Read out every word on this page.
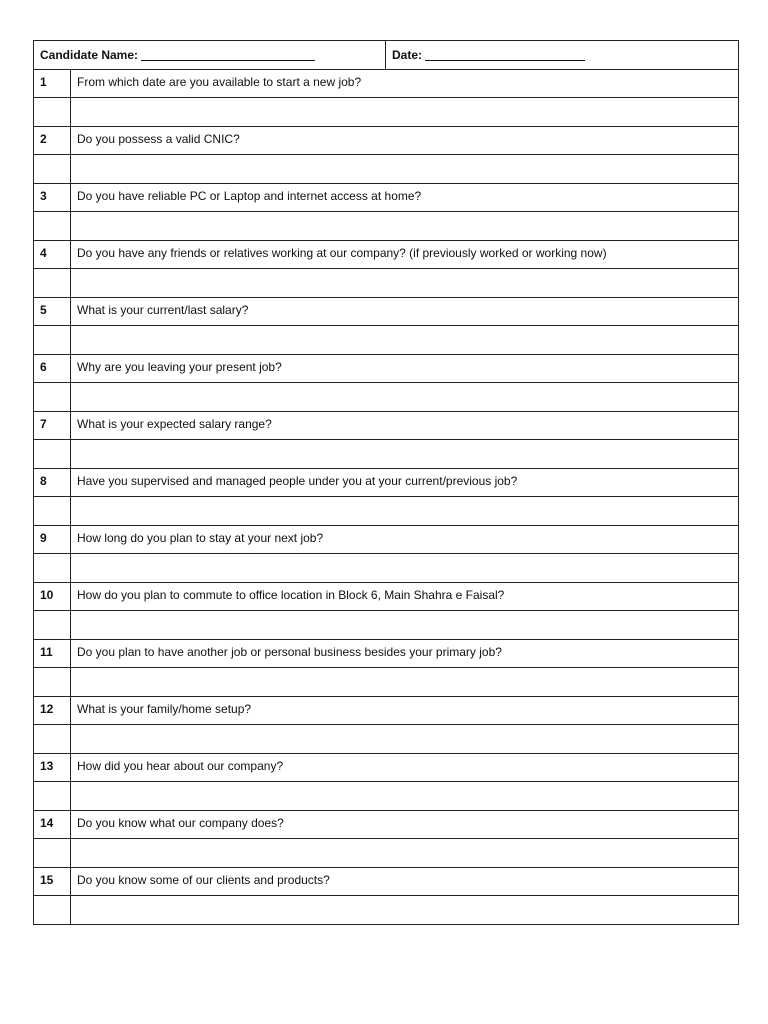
Candidate Name:		Date:
1	From which date are you available to start a new job?	

2	Do you possess a valid CNIC?	

3	Do you have reliable PC or Laptop and internet access at home?	

4	Do you have any friends or relatives working at our company? (if previously worked or working now)	

5	What is your current/last salary?	

6	Why are you leaving your present job?	

7	What is your expected salary range?	

8	Have you supervised and managed people under you at your current/previous job?	

9	How long do you plan to stay at your next job?	

10	How do you plan to commute to office location in Block 6, Main Shahra e Faisal?	

11	Do you plan to have another job or personal business besides your primary job?	

12	What is your family/home setup?	

13	How did you hear about our company?	

14	Do you know what our company does?	

15	Do you know some of our clients and products?	
